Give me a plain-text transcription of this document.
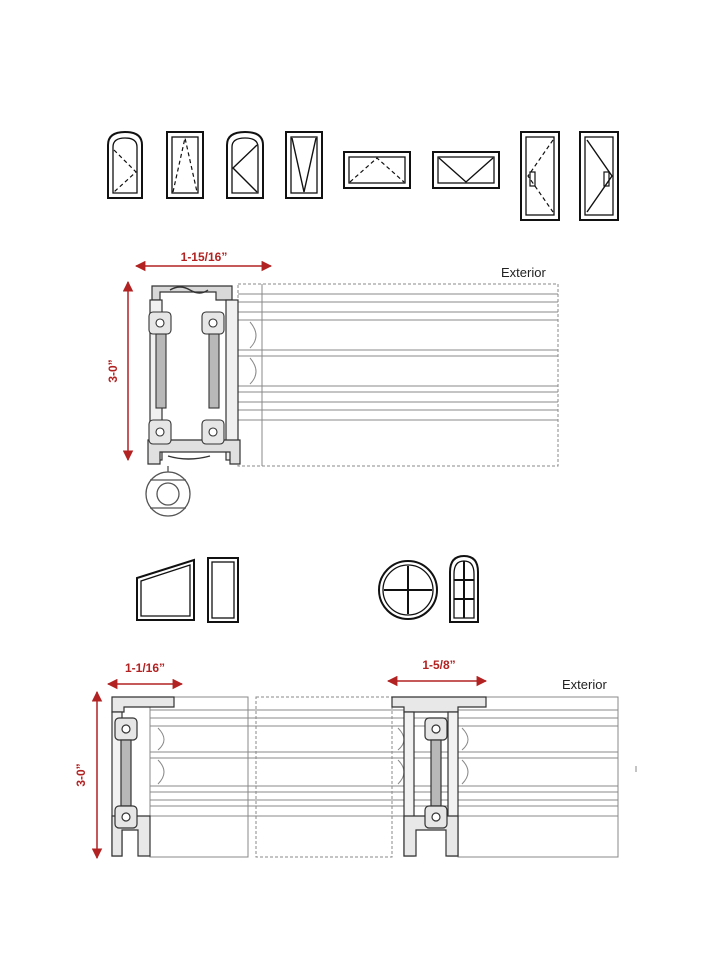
1-15/16”
3-0”
Exterior
1-1/16”	1-5/8”
3-0”
Exterior
